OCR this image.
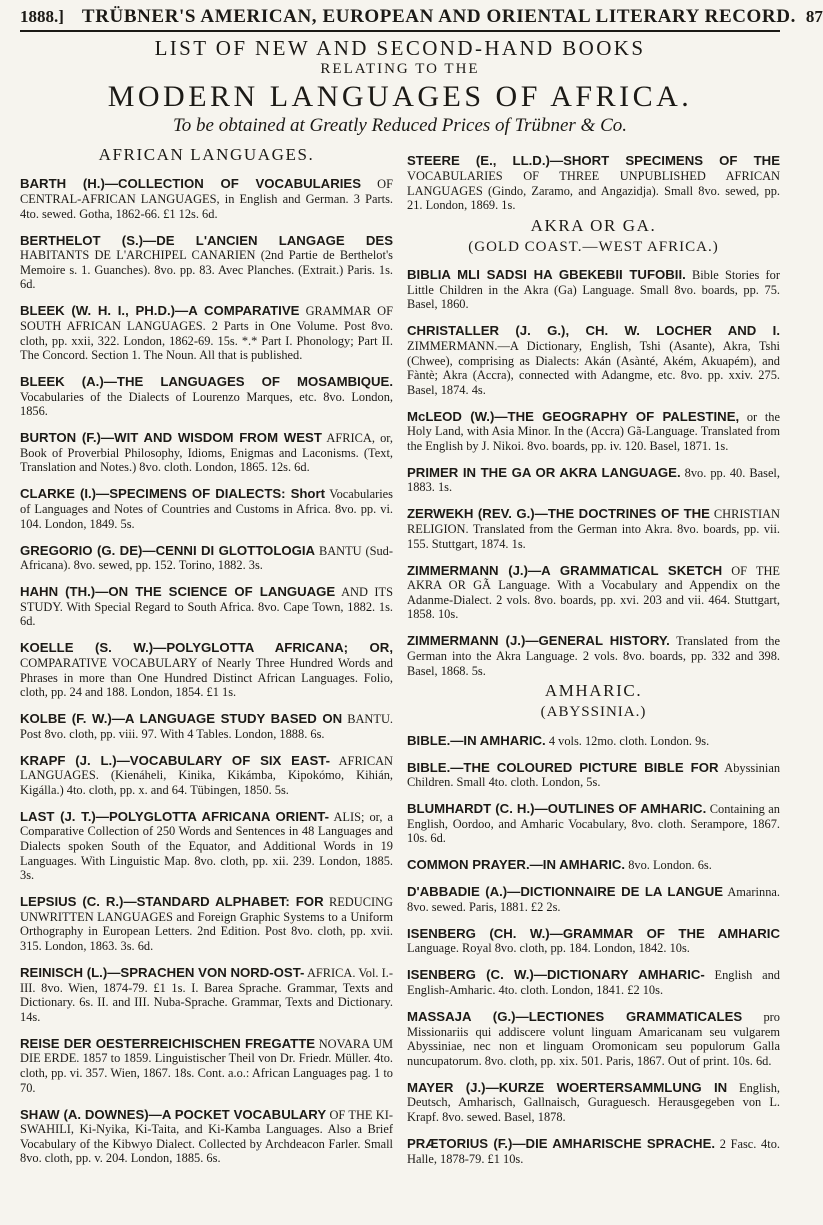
1888.] TRÜBNER'S AMERICAN, EUROPEAN AND ORIENTAL LITERARY RECORD. 87
LIST OF NEW AND SECOND-HAND BOOKS
RELATING TO THE
MODERN LANGUAGES OF AFRICA.
To be obtained at Greatly Reduced Prices of Trübner & Co.
AFRICAN LANGUAGES.

BARTH (H.)—COLLECTION OF VOCABULARIES OF CENTRAL-AFRICAN LANGUAGES, in English and German. 3 Parts. 4to. sewed. Gotha, 1862-66. £1 12s. 6d.

BERTHELOT (S.)—DE L'ANCIEN LANGAGE DES HABITANTS DE L'ARCHIPEL CANARIEN (2nd Partie de Berthelot's Memoire s. 1. Guanches). 8vo. pp. 83. Avec Planches. (Extrait.) Paris. 1s. 6d.

BLEEK (W. H. I., PH.D.)—A COMPARATIVE GRAMMAR OF SOUTH AFRICAN LANGUAGES. 2 Parts in One Volume. Post 8vo. cloth, pp. xxii, 322. London, 1862-69. 15s. *.* Part I. Phonology; Part II. The Concord. Section 1. The Noun. All that is published.

BLEEK (A.)—THE LANGUAGES OF MOSAMBIQUE. Vocabularies of the Dialects of Lourenzo Marques, etc. 8vo. London, 1856.

BURTON (F.)—WIT AND WISDOM FROM WEST AFRICA, or, Book of Proverbial Philosophy, Idioms, Enigmas and Laconisms. (Text, Translation and Notes.) 8vo. cloth. London, 1865. 12s. 6d.

CLARKE (I.)—SPECIMENS OF DIALECTS: Short Vocabularies of Languages and Notes of Countries and Customs in Africa. 8vo. pp. vi. 104. London, 1849. 5s.

GREGORIO (G. DE)—CENNI DI GLOTTOLOGIA BANTU (Sud-Africana). 8vo. sewed, pp. 152. Torino, 1882. 3s.

HAHN (TH.)—ON THE SCIENCE OF LANGUAGE AND ITS STUDY. With Special Regard to South Africa. 8vo. Cape Town, 1882. 1s. 6d.

KOELLE (S. W.)—POLYGLOTTA AFRICANA; OR, COMPARATIVE VOCABULARY of Nearly Three Hundred Words and Phrases in more than One Hundred Distinct African Languages. Folio, cloth, pp. 24 and 188. London, 1854. £1 1s.

KOLBE (F. W.)—A LANGUAGE STUDY BASED ON BANTU. Post 8vo. cloth, pp. viii. 97. With 4 Tables. London, 1888. 6s.

KRAPF (J. L.)—VOCABULARY OF SIX EAST- AFRICAN LANGUAGES. (Kienáheli, Kinika, Kikámba, Kipokómo, Kihián, Kigálla.) 4to. cloth, pp. x. and 64. Tübingen, 1850. 5s.

LAST (J. T.)—POLYGLOTTA AFRICANA ORIENT- ALIS; or, a Comparative Collection of 250 Words and Sentences in 48 Languages and Dialects spoken South of the Equator, and Additional Words in 19 Languages. With Linguistic Map. 8vo. cloth, pp. xii. 239. London, 1885. 3s.

LEPSIUS (C. R.)—STANDARD ALPHABET: FOR REDUCING UNWRITTEN LANGUAGES and Foreign Graphic Systems to a Uniform Orthography in European Letters. 2nd Edition. Post 8vo. cloth, pp. xvii. 315. London, 1863. 3s. 6d.

REINISCH (L.)—SPRACHEN VON NORD-OST- AFRICA. Vol. I.-III. 8vo. Wien, 1874-79. £1 1s. I. Barea Sprache. Grammar, Texts and Dictionary. 6s. II. and III. Nuba-Sprache. Grammar, Texts and Dictionary. 14s.

REISE DER OESTERREICHISCHEN FREGATTE NOVARA UM DIE ERDE. 1857 to 1859. Linguistischer Theil von Dr. Friedr. Müller. 4to. cloth, pp. vi. 357. Wien, 1867. 18s. Cont. a.o.: African Languages pag. 1 to 70.

SHAW (A. DOWNES)—A POCKET VOCABULARY OF THE KI-SWAHILI, Ki-Nyika, Ki-Taita, and Ki-Kamba Languages. Also a Brief Vocabulary of the Kibwyo Dialect. Collected by Archdeacon Farler. Small 8vo. cloth, pp. v. 204. London, 1885. 6s.

STEERE (E., LL.D.)—SHORT SPECIMENS OF THE VOCABULARIES OF THREE UNPUBLISHED AFRICAN LANGUAGES (Gindo, Zaramo, and Angazidja). Small 8vo. sewed, pp. 21. London, 1869. 1s.

AKRA OR GA.
(GOLD COAST.—WEST AFRICA.)

BIBLIA MLI SADSI HA GBEKEBII TUFOBII. Bible Stories for Little Children in the Akra (Ga) Language. Small 8vo. boards, pp. 75. Basel, 1860.

CHRISTALLER (J. G.), CH. W. LOCHER AND I. ZIMMERMANN.—A Dictionary, English, Tshi (Asante), Akra, Tshi (Chwee), comprising as Dialects: Akán (Asànté, Akém, Akuapém), and Fàntè; Akra (Accra), connected with Adangme, etc. 8vo. pp. xxiv. 275. Basel, 1874. 4s.

McLEOD (W.)—THE GEOGRAPHY OF PALESTINE, or the Holy Land, with Asia Minor. In the (Accra) Gã-Language. Translated from the English by J. Nikoi. 8vo. boards, pp. iv. 120. Basel, 1871. 1s.

PRIMER IN THE GA OR AKRA LANGUAGE. 8vo. pp. 40. Basel, 1883. 1s.

ZERWEKH (REV. G.)—THE DOCTRINES OF THE CHRISTIAN RELIGION. Translated from the German into Akra. 8vo. boards, pp. vii. 155. Stuttgart, 1874. 1s.

ZIMMERMANN (J.)—A GRAMMATICAL SKETCH OF THE AKRA OR GÃ Language. With a Vocabulary and Appendix on the Adanme-Dialect. 2 vols. 8vo. boards, pp. xvi. 203 and vii. 464. Stuttgart, 1858. 10s.

ZIMMERMANN (J.)—GENERAL HISTORY. Translated from the German into the Akra Language. 2 vols. 8vo. boards, pp. 332 and 398. Basel, 1868. 5s.

AMHARIC.
(ABYSSINIA.)

BIBLE.—IN AMHARIC. 4 vols. 12mo. cloth. London. 9s.

BIBLE.—THE COLOURED PICTURE BIBLE FOR Abyssinian Children. Small 4to. cloth. London, 5s.

BLUMHARDT (C. H.)—OUTLINES OF AMHARIC. Containing an English, Oordoo, and Amharic Vocabulary, 8vo. cloth. Serampore, 1867. 10s. 6d.

COMMON PRAYER.—IN AMHARIC. 8vo. London. 6s.

D'ABBADIE (A.)—DICTIONNAIRE DE LA LANGUE Amarinna. 8vo. sewed. Paris, 1881. £2 2s.

ISENBERG (CH. W.)—GRAMMAR OF THE AMHARIC Language. Royal 8vo. cloth, pp. 184. London, 1842. 10s.

ISENBERG (C. W.)—DICTIONARY AMHARIC- English and English-Amharic. 4to. cloth. London, 1841. £2 10s.

MASSAJA (G.)—LECTIONES GRAMMATICALES pro Missionariis qui addiscere volunt linguam Amaricanam seu vulgarem Abyssiniae, nec non et linguam Oromonicam seu populorum Galla nuncupatorum. 8vo. cloth, pp. xix. 501. Paris, 1867. Out of print. 10s. 6d.

MAYER (J.)—KURZE WOERTERSAMMLUNG IN English, Deutsch, Amharisch, Gallnaisch, Guraguesch. Herausgegeben von L. Krapf. 8vo. sewed. Basel, 1878.

PRÆTORIUS (F.)—DIE AMHARISCHE SPRACHE. 2 Fasc. 4to. Halle, 1878-79. £1 10s.
